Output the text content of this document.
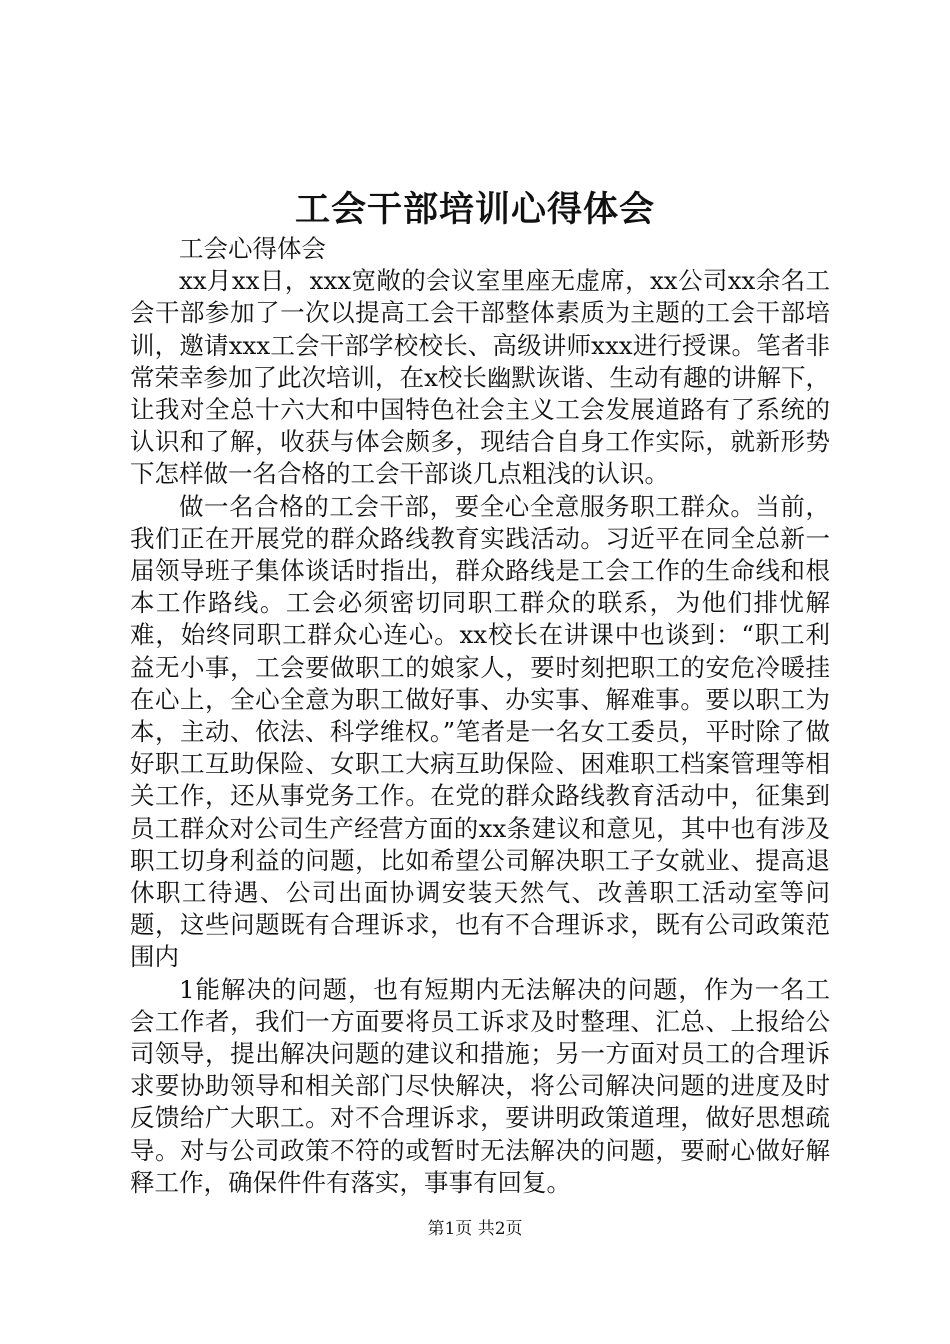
工会干部培训心得体会

工会心得体会

xx月xx日，xxx宽敞的会议室里座无虚席，xx公司xx余名工会干部参加了一次以提高工会干部整体素质为主题的工会干部培训，邀请xxx工会干部学校校长、高级讲师xxx进行授课。笔者非常荣幸参加了此次培训，在x校长幽默诙谐、生动有趣的讲解下，让我对全总十六大和中国特色社会主义工会发展道路有了系统的认识和了解，收获与体会颇多，现结合自身工作实际，就新形势下怎样做一名合格的工会干部谈几点粗浅的认识。

做一名合格的工会干部，要全心全意服务职工群众。当前，我们正在开展党的群众路线教育实践活动。习近平在同全总新一届领导班子集体谈话时指出，群众路线是工会工作的生命线和根本工作路线。工会必须密切同职工群众的联系，为他们排忧解难，始终同职工群众心连心。xx校长在讲课中也谈到：“职工利益无小事，工会要做职工的娘家人，要时刻把职工的安危冷暖挂在心上，全心全意为职工做好事、办实事、解难事。要以职工为本，主动、依法、科学维权。”笔者是一名女工委员，平时除了做好职工互助保险、女职工大病互助保险、困难职工档案管理等相关工作，还从事党务工作。在党的群众路线教育活动中，征集到员工群众对公司生产经营方面的xx条建议和意见，其中也有涉及职工切身利益的问题，比如希望公司解决职工子女就业、提高退休职工待遇、公司出面协调安装天然气、改善职工活动室等问题，这些问题既有合理诉求，也有不合理诉求，既有公司政策范围内

1能解决的问题，也有短期内无法解决的问题，作为一名工会工作者，我们一方面要将员工诉求及时整理、汇总、上报给公司领导，提出解决问题的建议和措施；另一方面对员工的合理诉求要协助领导和相关部门尽快解决，将公司解决问题的进度及时反馈给广大职工。对不合理诉求，要讲明政策道理，做好思想疏导。对与公司政策不符的或暂时无法解决的问题，要耐心做好解释工作，确保件件有落实，事事有回复。

第1页 共2页
